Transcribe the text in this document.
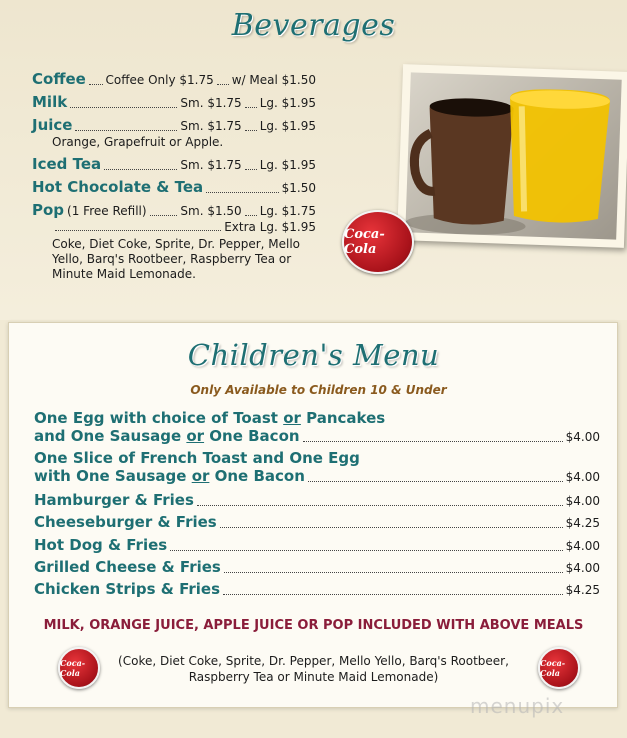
Beverages
Coffee Coffee Only $1.75 w/ Meal $1.50
Milk	Sm. $1.75 Lg. $1.95
Juice	Sm. $1.75 Lg. $1.95
Orange, Grapefruit or Apple.
Iced Tea	Sm. $1.75 Lg. $1.95
Hot Chocolate & Tea	$1.50
Pop (1 Free Refill)	Sm. $1.50 Lg. $1.75
Extra Lg. $1.95
Coke, Diet Coke, Sprite, Dr. Pepper, Mello
Yello, Barq's Rootbeer, Raspberry Tea or
Minute Maid Lemonade.
Coca-Cola
Children's Menu
Only Available to Children 10 & Under
One Egg with choice of Toast or Pancakes
and One Sausage or One Bacon	$4.00
One Slice of French Toast and One Egg
with One Sausage or One Bacon	$4.00
Hamburger & Fries	$4.00
Cheeseburger & Fries	$4.25
Hot Dog & Fries	$4.00
Grilled Cheese & Fries	$4.00
Chicken Strips & Fries	$4.25
MILK, ORANGE JUICE, APPLE JUICE OR POP INCLUDED WITH ABOVE MEALS
Coca-Cola
(Coke, Diet Coke, Sprite, Dr. Pepper, Mello Yello, Barq's Rootbeer,
Raspberry Tea or Minute Maid Lemonade)
Coca-Cola
menupix
